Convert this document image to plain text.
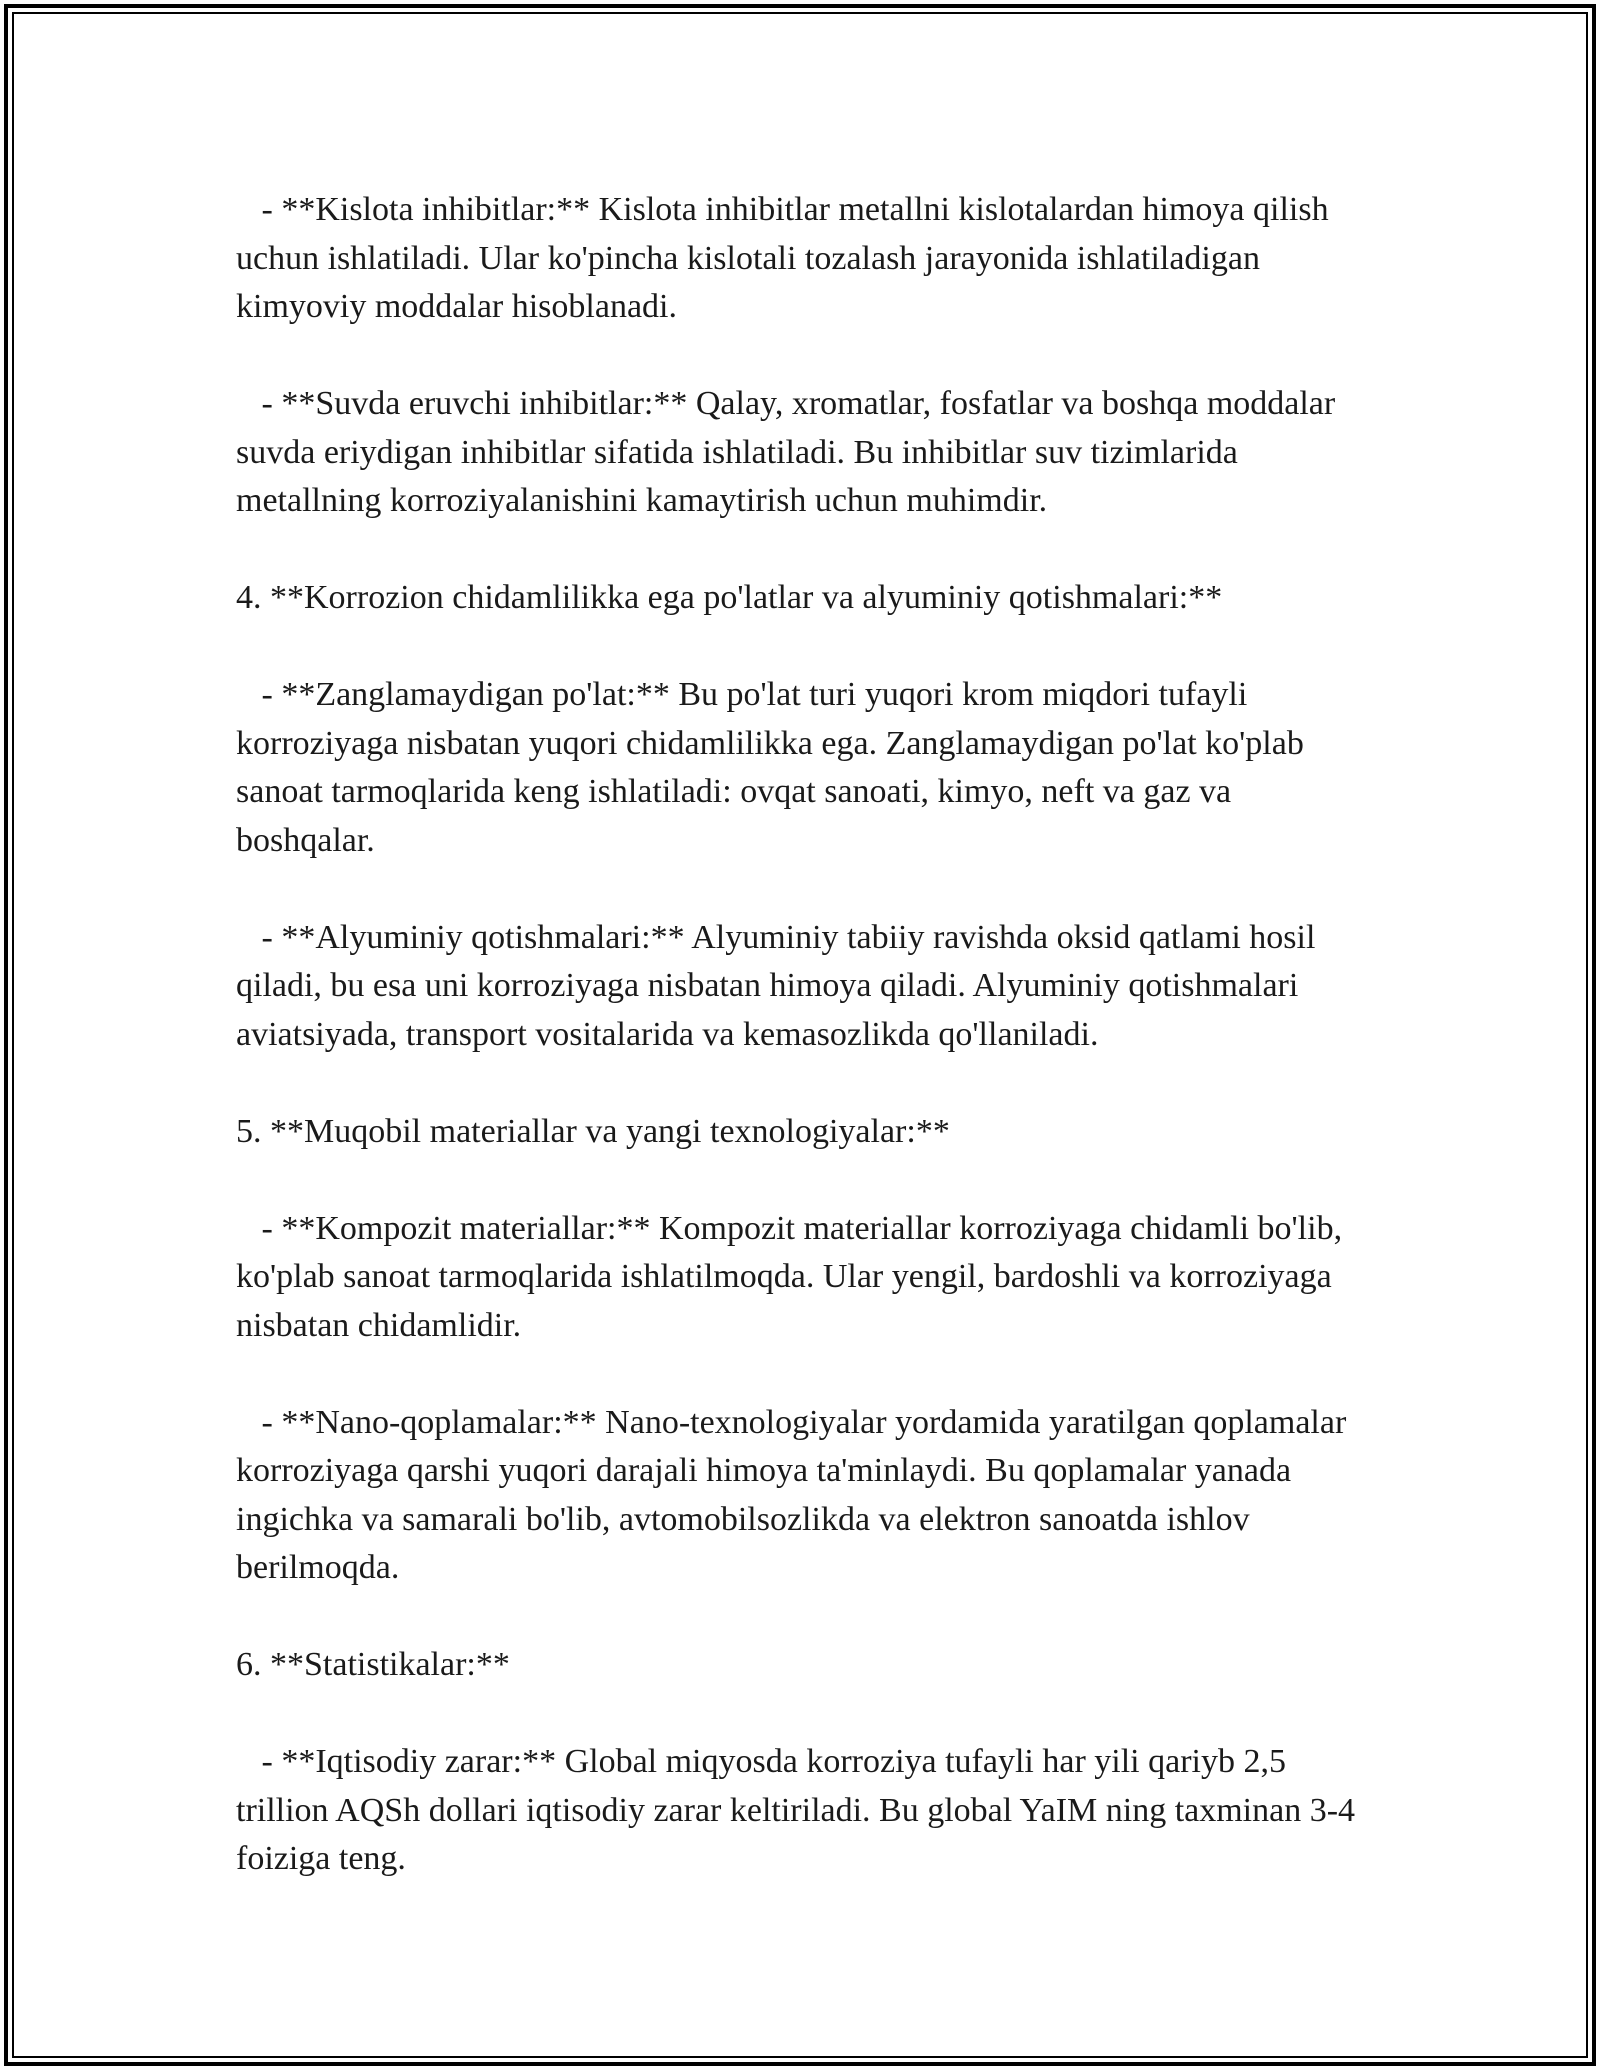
- **Kislota inhibitlar:** Kislota inhibitlar metallni kislotalardan himoya qilish uchun ishlatiladi. Ular ko'pincha kislotali tozalash jarayonida ishlatiladigan kimyoviy moddalar hisoblanadi.

- **Suvda eruvchi inhibitlar:** Qalay, xromatlar, fosfatlar va boshqa moddalar suvda eriydigan inhibitlar sifatida ishlatiladi. Bu inhibitlar suv tizimlarida metallning korroziyalanishini kamaytirish uchun muhimdir.

4. **Korrozion chidamlilikka ega po'latlar va alyuminiy qotishmalari:**

- **Zanglamaydigan po'lat:** Bu po'lat turi yuqori krom miqdori tufayli korroziyaga nisbatan yuqori chidamlilikka ega. Zanglamaydigan po'lat ko'plab sanoat tarmoqlarida keng ishlatiladi: ovqat sanoati, kimyo, neft va gaz va boshqalar.

- **Alyuminiy qotishmalari:** Alyuminiy tabiiy ravishda oksid qatlami hosil qiladi, bu esa uni korroziyaga nisbatan himoya qiladi. Alyuminiy qotishmalari aviatsiyada, transport vositalarida va kemasozlikda qo'llaniladi.

5. **Muqobil materiallar va yangi texnologiyalar:**

- **Kompozit materiallar:** Kompozit materiallar korroziyaga chidamli bo'lib, ko'plab sanoat tarmoqlarida ishlatilmoqda. Ular yengil, bardoshli va korroziyaga nisbatan chidamlidir.

- **Nano-qoplamalar:** Nano-texnologiyalar yordamida yaratilgan qoplamalar korroziyaga qarshi yuqori darajali himoya ta'minlaydi. Bu qoplamalar yanada ingichka va samarali bo'lib, avtomobilsozlikda va elektron sanoatda ishlov berilmoqda.

6. **Statistikalar:**

- **Iqtisodiy zarar:** Global miqyosda korroziya tufayli har yili qariyb 2,5 trillion AQSh dollari iqtisodiy zarar keltiriladi. Bu global YaIM ning taxminan 3-4 foiziga teng.
